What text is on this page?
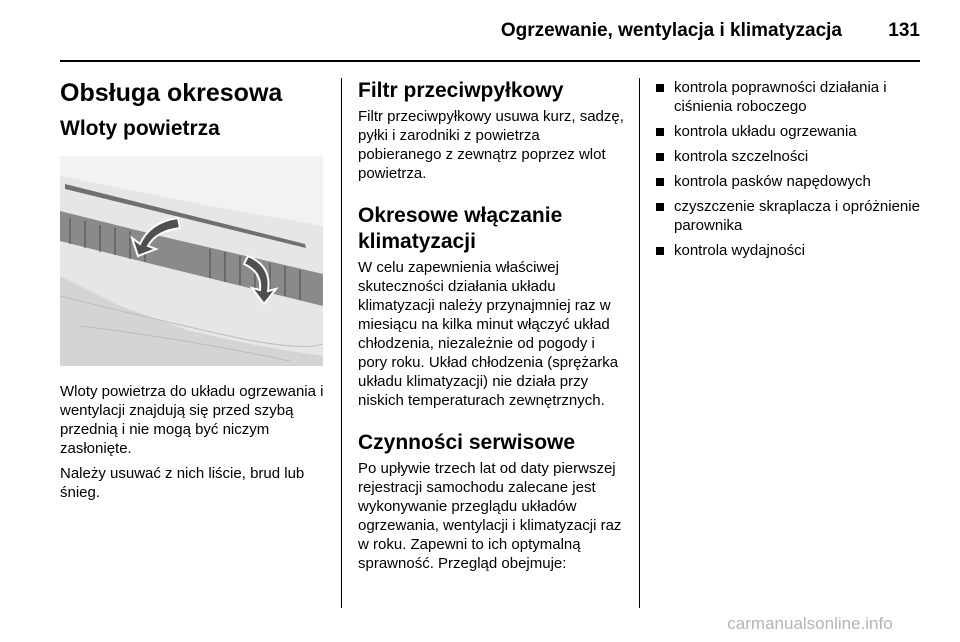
Ogrzewanie, wentylacja i klimatyzacja	131
Obsługa okresowa
Wloty powietrza

Wloty powietrza do układu ogrzewania i wentylacji znajdują się przed szybą przednią i nie mogą być niczym zasłonięte.

Należy usuwać z nich liście, brud lub śnieg.

Filtr przeciwpyłkowy

Filtr przeciwpyłkowy usuwa kurz, sadzę, pyłki i zarodniki z powietrza pobieranego z zewnątrz poprzez wlot powietrza.

Okresowe włączanie klimatyzacji

W celu zapewnienia właściwej skuteczności działania układu klimatyzacji należy przynajmniej raz w miesiącu na kilka minut włączyć układ chłodzenia, niezależnie od pogody i pory roku. Układ chłodzenia (sprężarka układu klimatyzacji) nie działa przy niskich temperaturach zewnętrznych.

Czynności serwisowe

Po upływie trzech lat od daty pierwszej rejestracji samochodu zalecane jest wykonywanie przeglądu układów ogrzewania, wentylacji i klimatyzacji raz w roku. Zapewni to ich optymalną sprawność. Przegląd obejmuje:

kontrola poprawności działania i ciśnienia roboczego
kontrola układu ogrzewania
kontrola szczelności
kontrola pasków napędowych
czyszczenie skraplacza i opróżnienie parownika
kontrola wydajności
carmanualsonline.info
